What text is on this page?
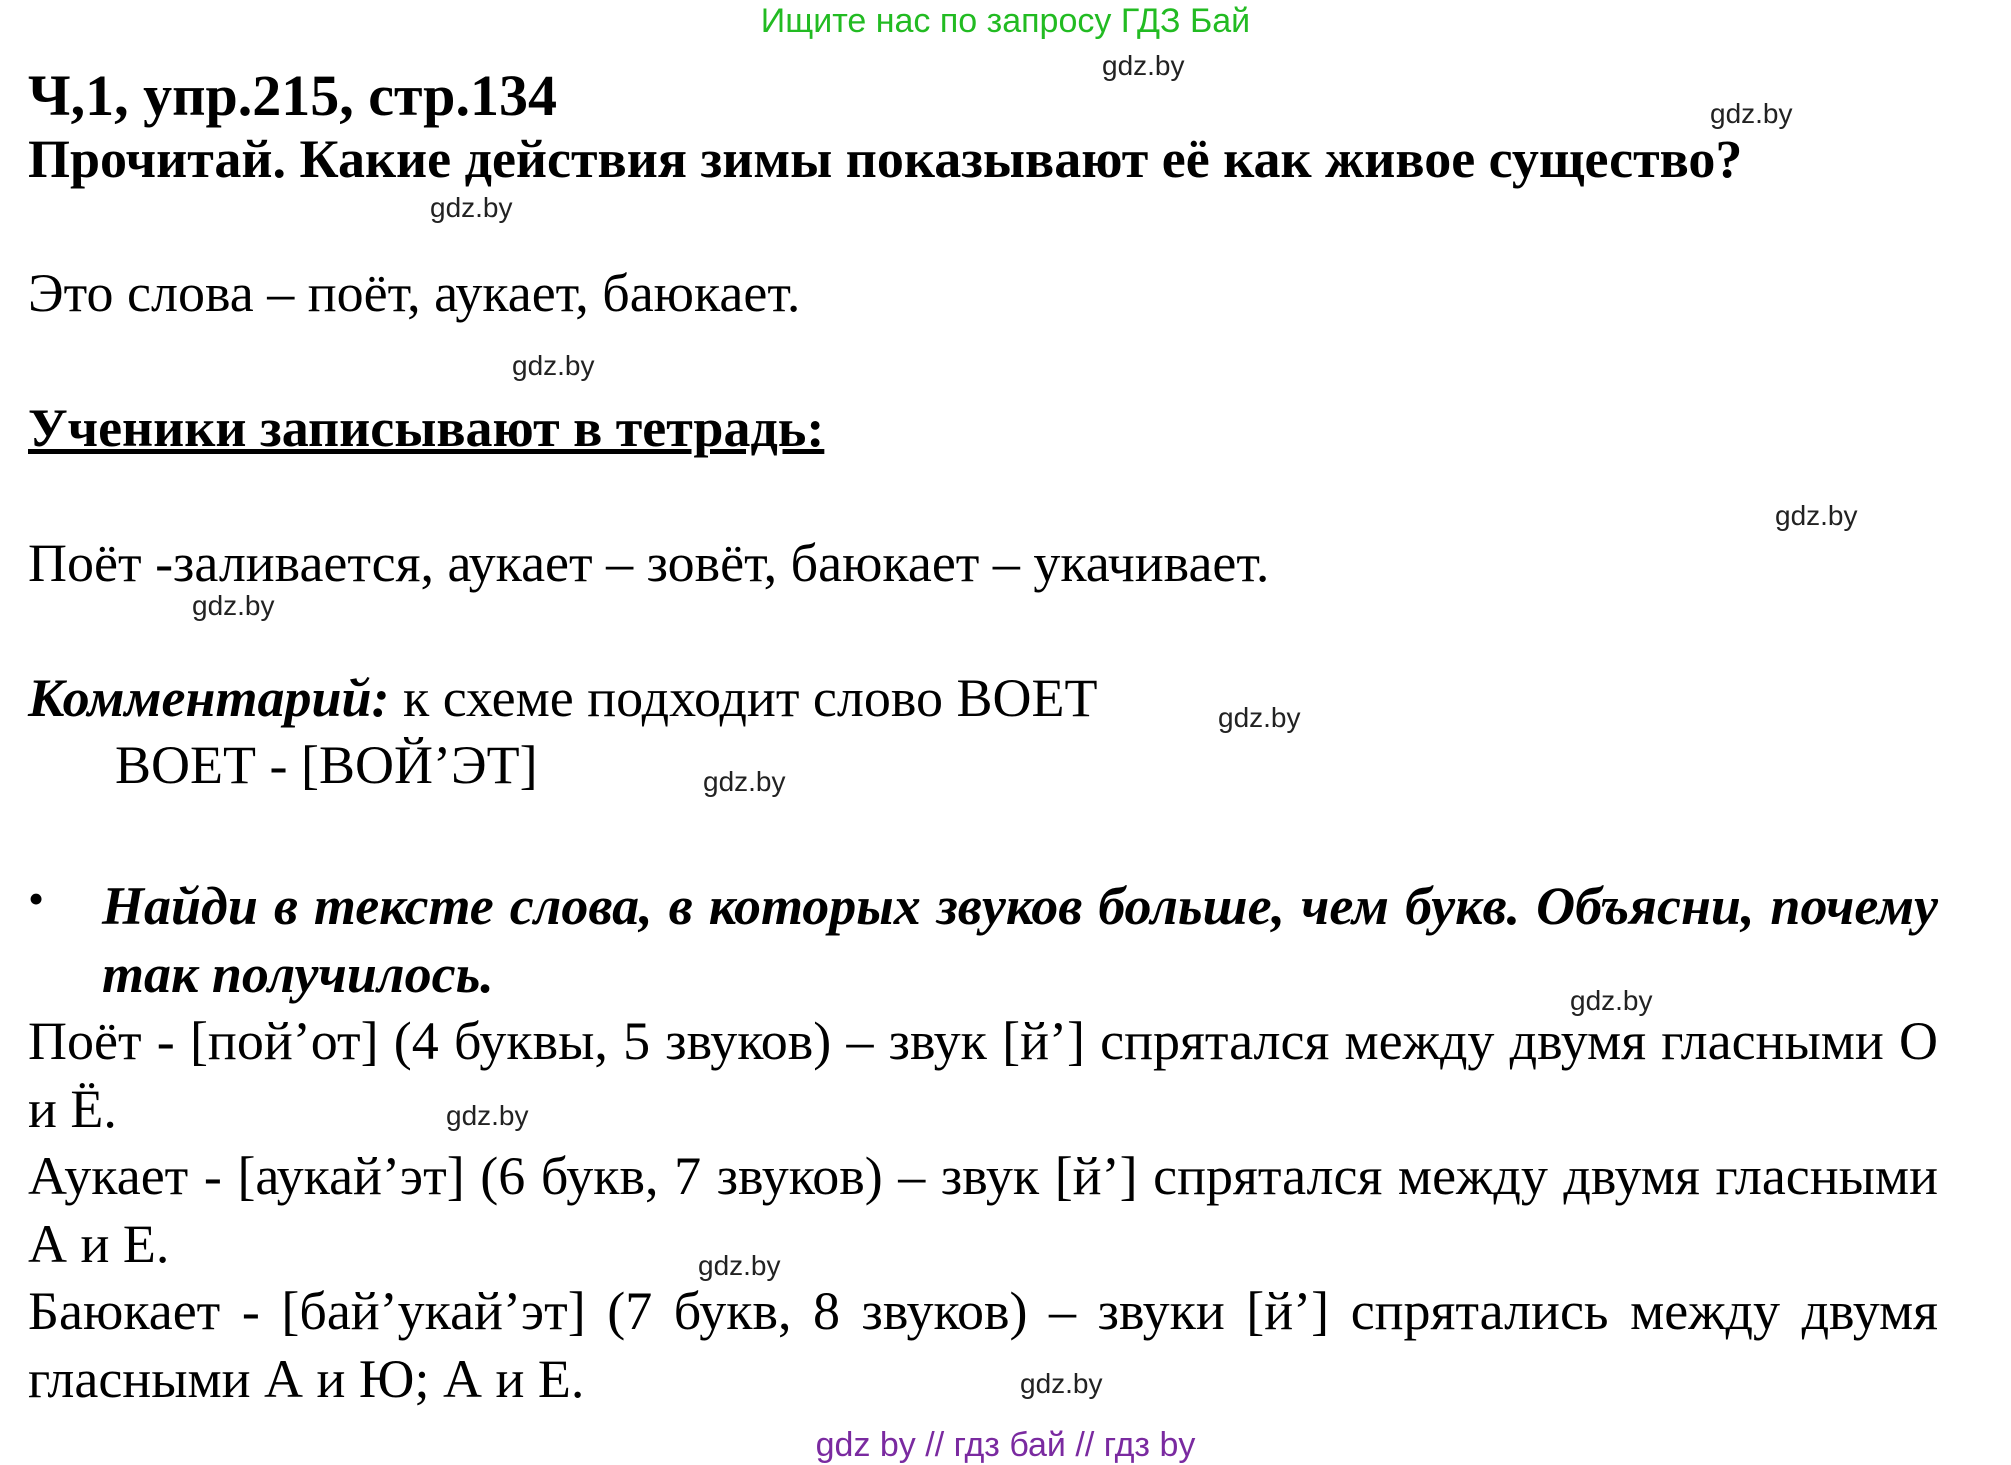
Ищите нас по запросу ГДЗ Бай
Ч,1, упр.215, стр.134
Прочитай. Какие действия зимы показывают её как живое существо?
Это слова – поёт, аукает, баюкает.
Ученики записывают в тетрадь:
Поёт -заливается, аукает – зовёт, баюкает – укачивает.
Комментарий: к схеме подходит слово ВОЕТ
ВОЕТ - [ВОЙ’ЭТ]
• Найди в тексте слова, в которых звуков больше, чем букв. Объясни, почему так получилось.
Поёт - [пой’от] (4 буквы, 5 звуков) – звук [й’] спрятался между двумя гласными О и Ё.
Аукает - [аукай’эт] (6 букв, 7 звуков) – звук [й’] спрятался между двумя гласными А и Е.
Баюкает - [бай’укай’эт] (7 букв, 8 звуков) – звуки [й’] спрятались между двумя гласными А и Ю; А и Е.
gdz.by
gdz.by
gdz.by
gdz.by
gdz.by
gdz.by
gdz.by
gdz.by
gdz.by
gdz.by
gdz.by
gdz.by
gdz by // гдз бай // гдз by
